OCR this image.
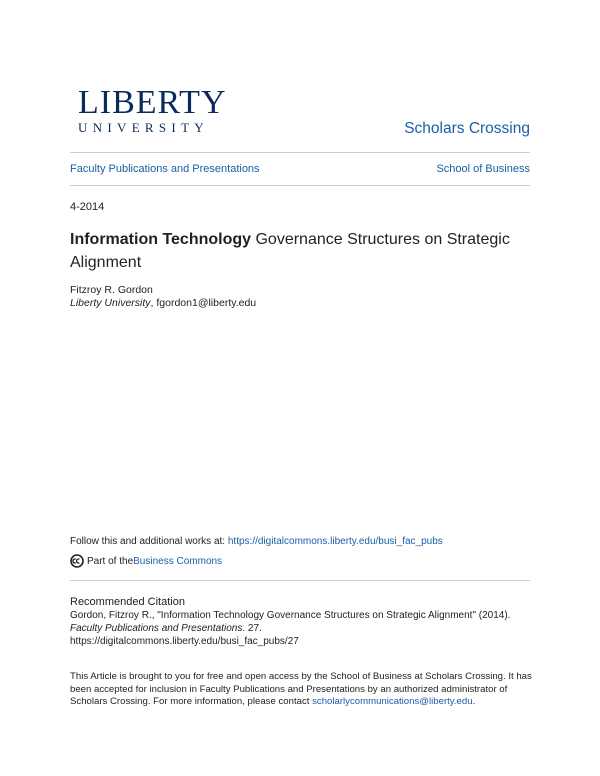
LIBERTY
UNIVERSITY	Scholars Crossing
Faculty Publications and Presentations	School of Business
4-2014
Information Technology Governance Structures on Strategic Alignment
Fitzroy R. Gordon
Liberty University, fgordon1@liberty.edu
Follow this and additional works at: https://digitalcommons.liberty.edu/busi_fac_pubs
Part of the Business Commons
Recommended Citation
Gordon, Fitzroy R., "Information Technology Governance Structures on Strategic Alignment" (2014).
Faculty Publications and Presentations. 27.
https://digitalcommons.liberty.edu/busi_fac_pubs/27
This Article is brought to you for free and open access by the School of Business at Scholars Crossing. It has been accepted for inclusion in Faculty Publications and Presentations by an authorized administrator of Scholars Crossing. For more information, please contact scholarlycommunications@liberty.edu.
